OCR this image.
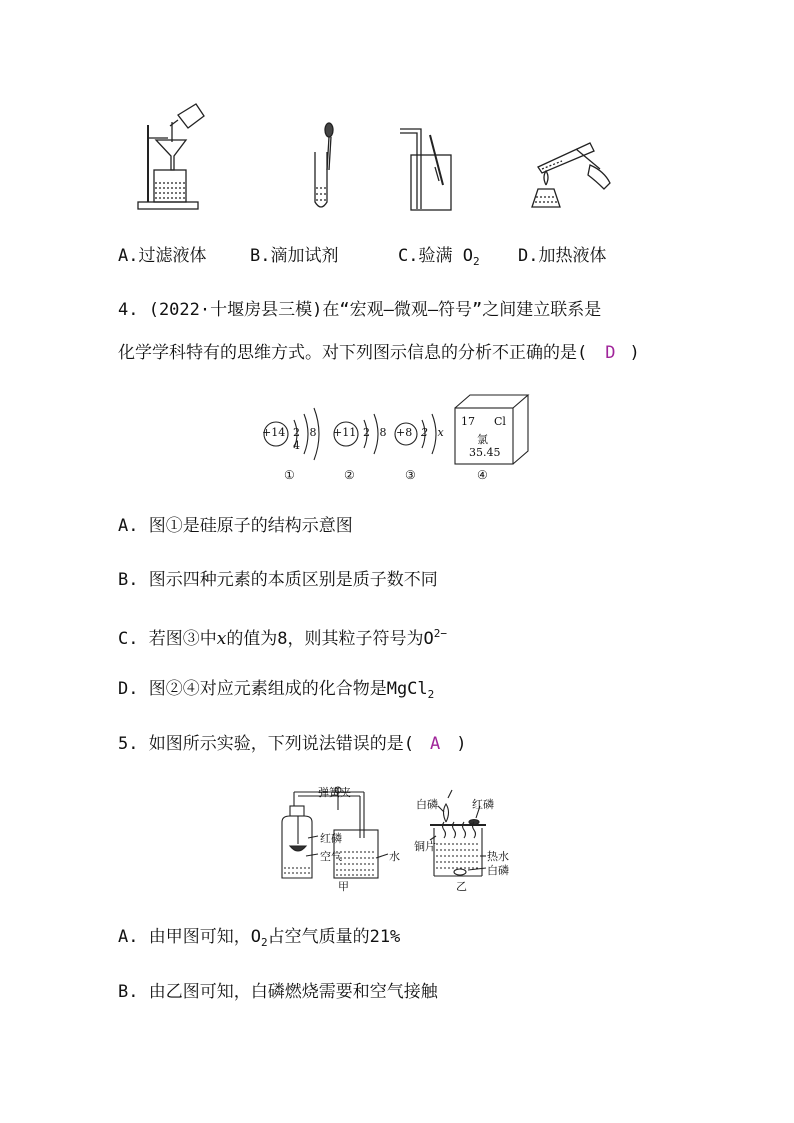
A.过滤液体	B.滴加试剂	C.验满 $O_2$ D.加热液体
4. (2022·十堰房县三模)在“宏观—微观—符号”之间建立联系是
化学学科特有的思维方式。对下列图示信息的分析不正确的是( D )
+14 2 8 4
①
+11 2 8
②
+8 2 x
③
17 Cl
氯
35.45
④
A. 图①是硅原子的结构示意图
B. 图示四种元素的本质区别是质子数不同
C. 若图③中x的值为8，则其粒子符号为$O^{2-}$
D. 图②④对应元素组成的化合物是MgCl$_2$
5. 如图所示实验，下列说法错误的是( A )
弹簧夹
红磷
空气	水
甲
白磷	红磷
铜片
热水
白磷
乙
A. 由甲图可知，$O_2$占空气质量的21%
B. 由乙图可知，白磷燃烧需要和空气接触
